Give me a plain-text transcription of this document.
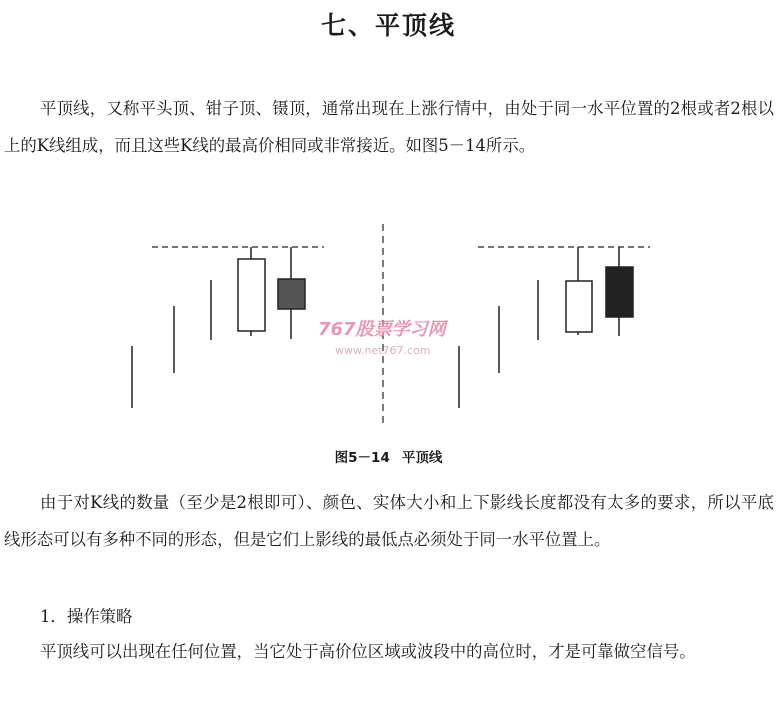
七、平顶线

平顶线，又称平头顶、钳子顶、镊顶，通常出现在上涨行情中，由处于同一水平位置的2根或者2根以上的K线组成，而且这些K线的最高价相同或非常接近。如图5－14所示。

767股票学习网
www.net767.com

图5－14 平顶线

由于对K线的数量（至少是2根即可）、颜色、实体大小和上下影线长度都没有太多的要求，所以平底线形态可以有多种不同的形态，但是它们上影线的最低点必须处于同一水平位置上。

1．操作策略

平顶线可以出现在任何位置，当它处于高价位区域或波段中的高位时，才是可靠做空信号。
